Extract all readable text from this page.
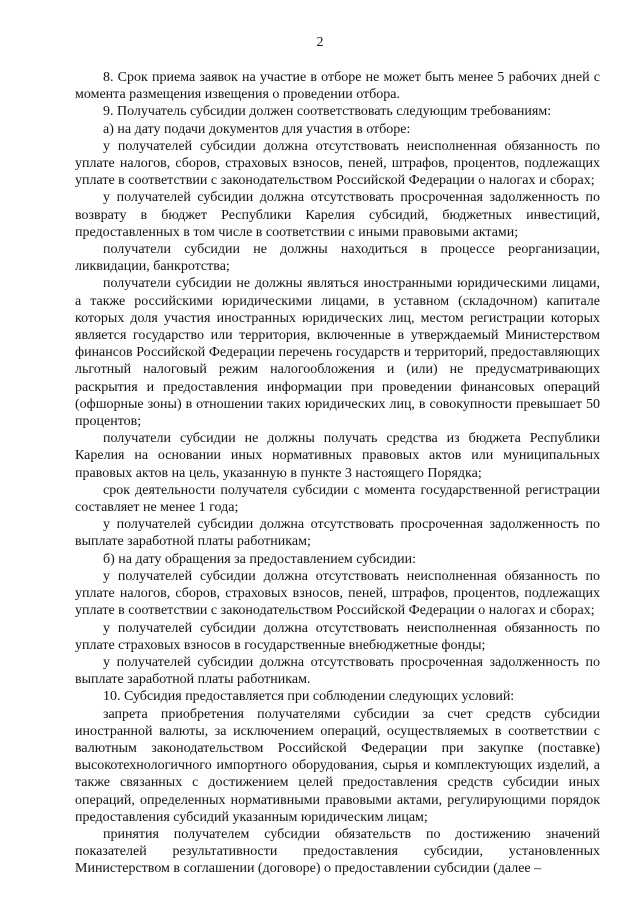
2

8. Срок приема заявок на участие в отборе не может быть менее 5 рабочих дней с момента размещения извещения о проведении отбора.

9. Получатель субсидии должен соответствовать следующим требованиям:

а) на дату подачи документов для участия в отборе:

у получателей субсидии должна отсутствовать неисполненная обязанность по уплате налогов, сборов, страховых взносов, пеней, штрафов, процентов, подлежащих уплате в соответствии с законодательством Российской Федерации о налогах и сборах;

у получателей субсидии должна отсутствовать просроченная задолженность по возврату в бюджет Республики Карелия субсидий, бюджетных инвестиций, предоставленных в том числе в соответствии с иными правовыми актами;

получатели субсидии не должны находиться в процессе реорганизации, ликвидации, банкротства;

получатели субсидии не должны являться иностранными юридическими лицами, а также российскими юридическими лицами, в уставном (складочном) капитале которых доля участия иностранных юридических лиц, местом регистрации которых является государство или территория, включенные в утверждаемый Министерством финансов Российской Федерации перечень государств и территорий, предоставляющих льготный налоговый режим налогообложения и (или) не предусматривающих раскрытия и предоставления информации при проведении финансовых операций (офшорные зоны) в отношении таких юридических лиц, в совокупности превышает 50 процентов;

получатели субсидии не должны получать средства из бюджета Республики Карелия на основании иных нормативных правовых актов или муниципальных правовых актов на цель, указанную в пункте 3 настоящего Порядка;

срок деятельности получателя субсидии с момента государственной регистрации составляет не менее 1 года;

у получателей субсидии должна отсутствовать просроченная задолженность по выплате заработной платы работникам;

б) на дату обращения за предоставлением субсидии:

у получателей субсидии должна отсутствовать неисполненная обязанность по уплате налогов, сборов, страховых взносов, пеней, штрафов, процентов, подлежащих уплате в соответствии с законодательством Российской Федерации о налогах и сборах;

у получателей субсидии должна отсутствовать неисполненная обязанность по уплате страховых взносов в государственные внебюджетные фонды;

у получателей субсидии должна отсутствовать просроченная задолженность по выплате заработной платы работникам.

10. Субсидия предоставляется при соблюдении следующих условий:

запрета приобретения получателями субсидии за счет средств субсидии иностранной валюты, за исключением операций, осуществляемых в соответствии с валютным законодательством Российской Федерации при закупке (поставке) высокотехнологичного импортного оборудования, сырья и комплектующих изделий, а также связанных с достижением целей предоставления средств субсидии иных операций, определенных нормативными правовыми актами, регулирующими порядок предоставления субсидий указанным юридическим лицам;

принятия получателем субсидии обязательств по достижению значений показателей результативности предоставления субсидии, установленных Министерством в соглашении (договоре) о предоставлении субсидии (далее –
